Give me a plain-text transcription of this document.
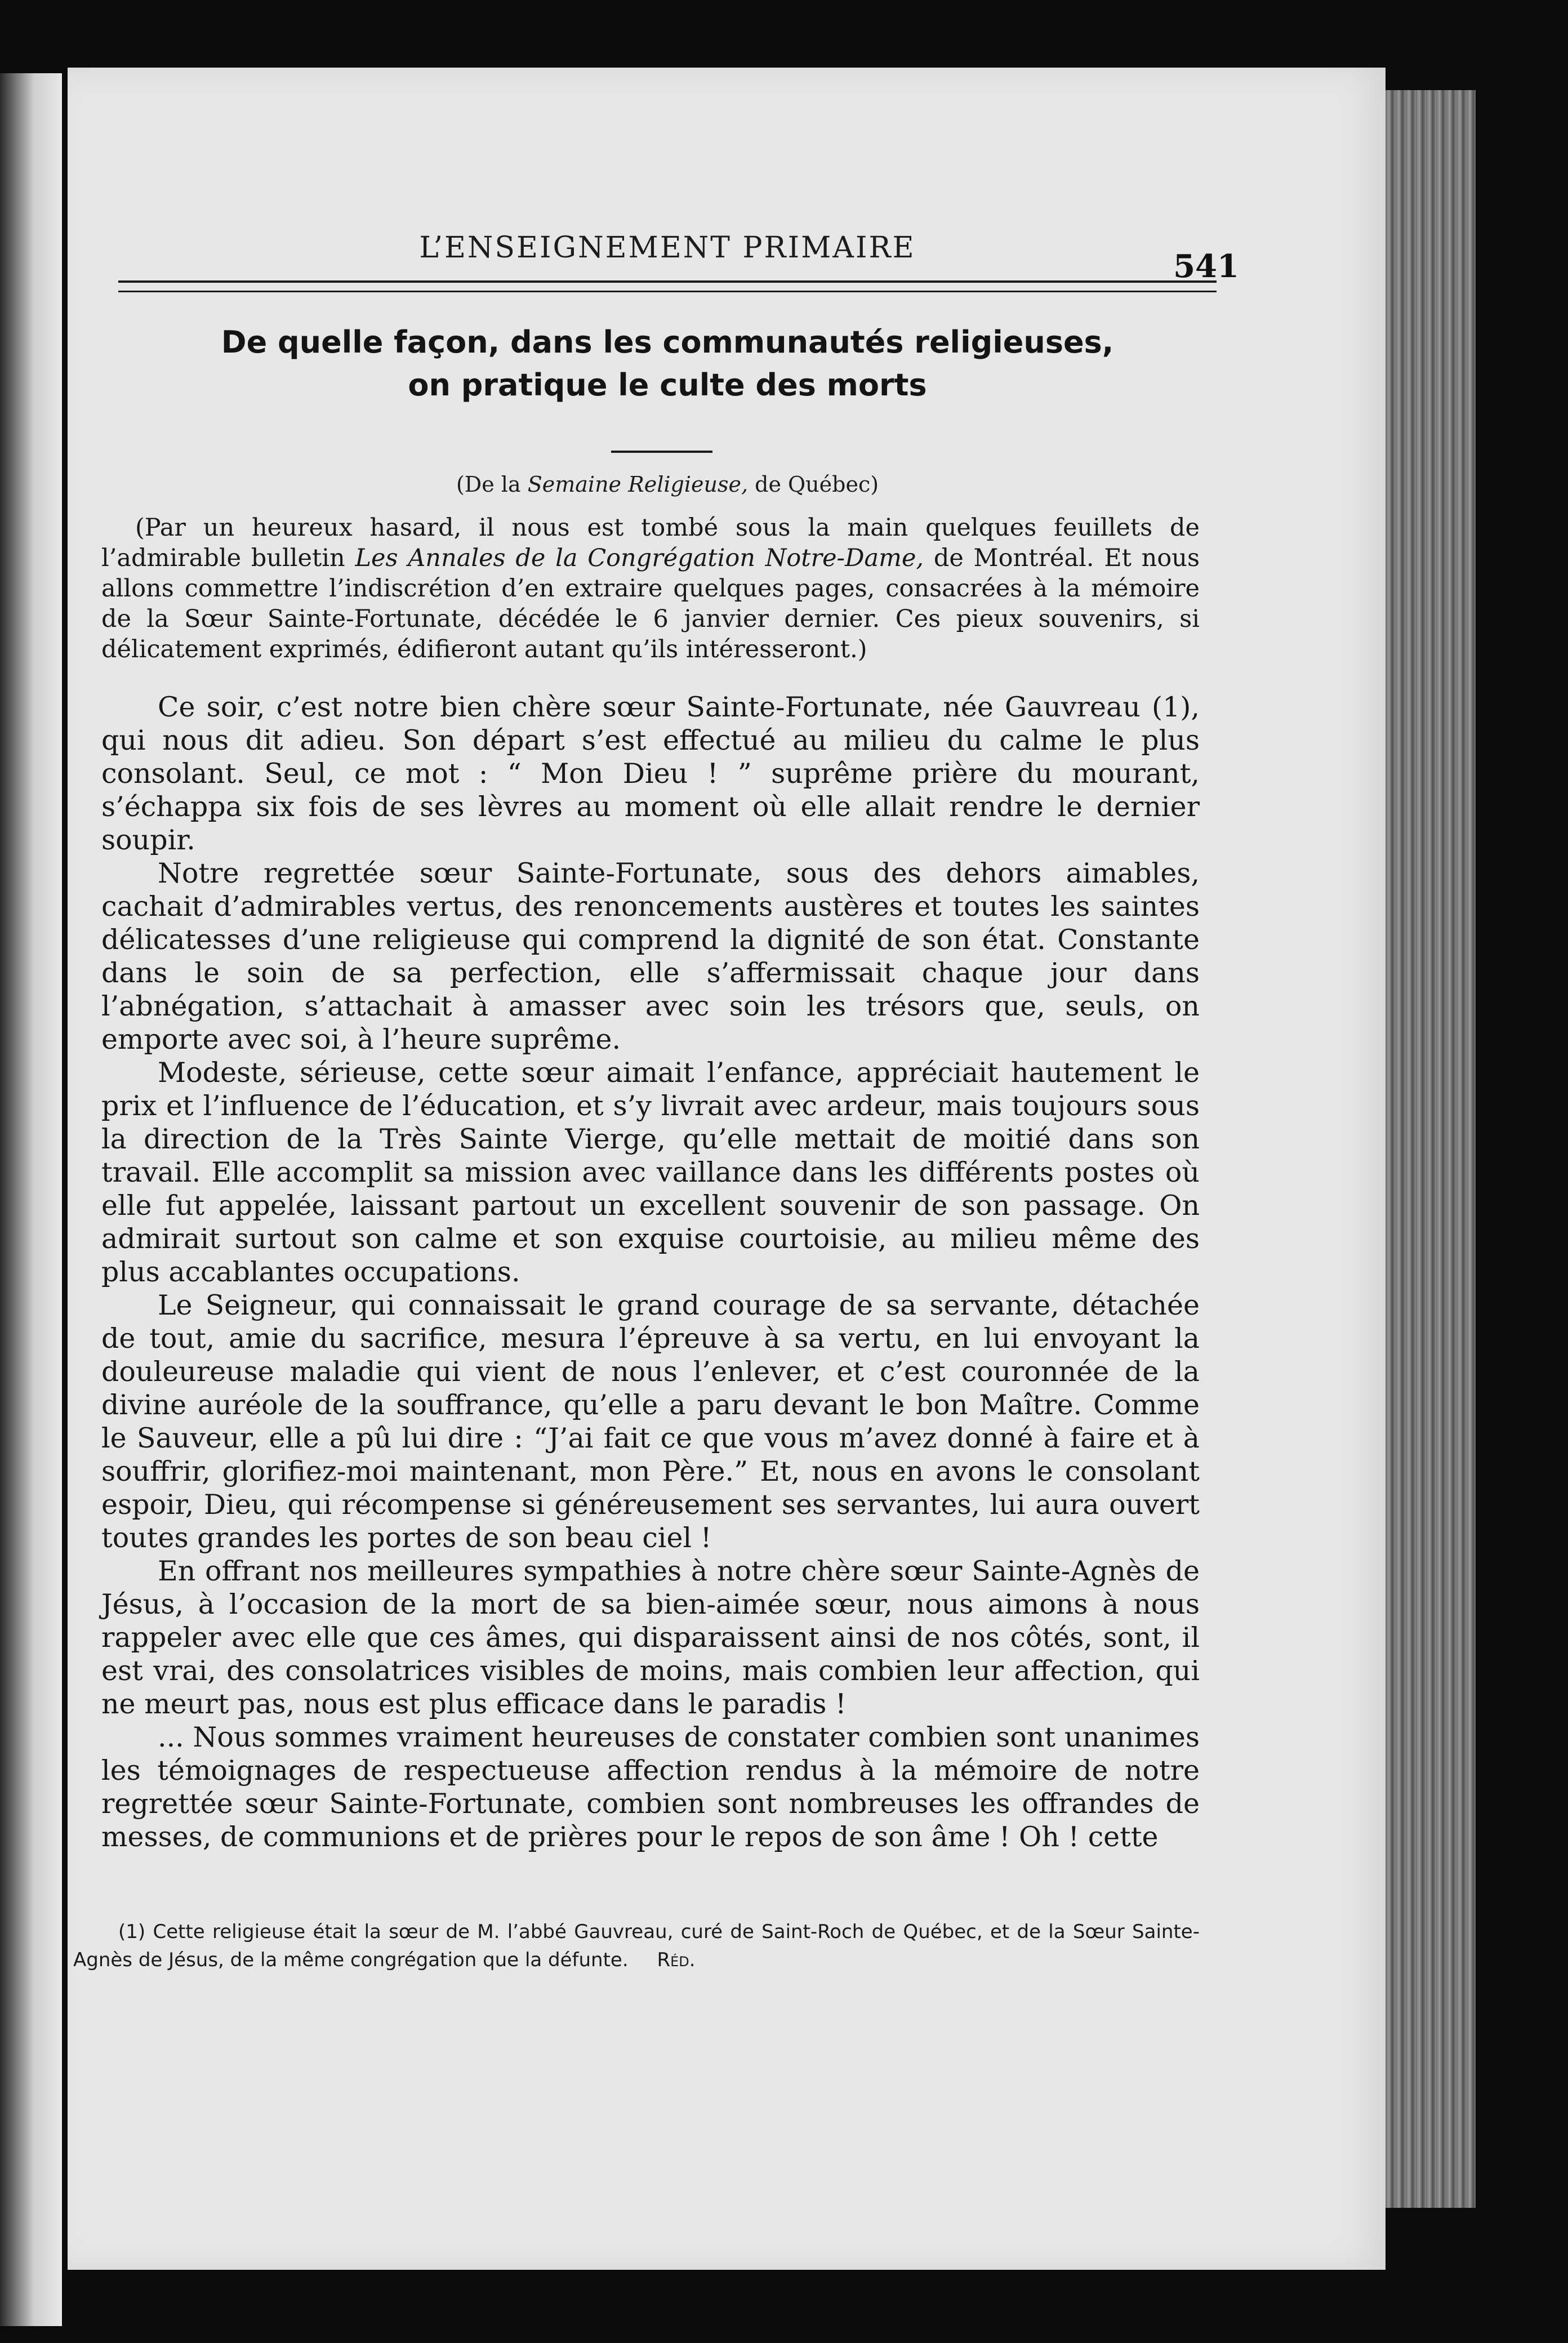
L’ENSEIGNEMENT PRIMAIRE	541
De quelle façon, dans les communautés religieuses,
on pratique le culte des morts
(De la Semaine Religieuse, de Québec)

(Par un heureux hasard, il nous est tombé sous la main quelques feuillets de l’admirable bulletin Les Annales de la Congrégation Notre-Dame, de Montréal. Et nous allons commettre l’indiscrétion d’en extraire quelques pages, consacrées à la mémoire de la Sœur Sainte-Fortunate, décédée le 6 janvier dernier. Ces pieux souvenirs, si délicatement exprimés, édifieront autant qu’ils intéresseront.)

Ce soir, c’est notre bien chère sœur Sainte-Fortunate, née Gauvreau (1), qui nous dit adieu. Son départ s’est effectué au milieu du calme le plus consolant. Seul, ce mot : “ Mon Dieu ! ” suprême prière du mourant, s’échappa six fois de ses lèvres au moment où elle allait rendre le dernier soupir.

Notre regrettée sœur Sainte-Fortunate, sous des dehors aimables, cachait d’admirables vertus, des renoncements austères et toutes les saintes délicatesses d’une religieuse qui comprend la dignité de son état. Constante dans le soin de sa perfection, elle s’affermissait chaque jour dans l’abnégation, s’attachait à amasser avec soin les trésors que, seuls, on emporte avec soi, à l’heure suprême.

Modeste, sérieuse, cette sœur aimait l’enfance, appréciait hautement le prix et l’influence de l’éducation, et s’y livrait avec ardeur, mais toujours sous la direction de la Très Sainte Vierge, qu’elle mettait de moitié dans son travail. Elle accomplit sa mission avec vaillance dans les différents postes où elle fut appelée, laissant partout un excellent souvenir de son passage. On admirait surtout son calme et son exquise courtoisie, au milieu même des plus accablantes occupations.

Le Seigneur, qui connaissait le grand courage de sa servante, détachée de tout, amie du sacrifice, mesura l’épreuve à sa vertu, en lui envoyant la douleureuse maladie qui vient de nous l’enlever, et c’est couronnée de la divine auréole de la souffrance, qu’elle a paru devant le bon Maître. Comme le Sauveur, elle a pû lui dire : “J’ai fait ce que vous m’avez donné à faire et à souffrir, glorifiez-moi maintenant, mon Père.” Et, nous en avons le consolant espoir, Dieu, qui récompense si généreusement ses servantes, lui aura ouvert toutes grandes les portes de son beau ciel !

En offrant nos meilleures sympathies à notre chère sœur Sainte-Agnès de Jésus, à l’occasion de la mort de sa bien-aimée sœur, nous aimons à nous rappeler avec elle que ces âmes, qui disparaissent ainsi de nos côtés, sont, il est vrai, des consolatrices visibles de moins, mais combien leur affection, qui ne meurt pas, nous est plus efficace dans le paradis !

... Nous sommes vraiment heureuses de constater combien sont unanimes les témoignages de respectueuse affection rendus à la mémoire de notre regrettée sœur Sainte-Fortunate, combien sont nombreuses les offrandes de messes, de communions et de prières pour le repos de son âme ! Oh ! cette

(1) Cette religieuse était la sœur de M. l’abbé Gauvreau, curé de Saint-Roch de Québec, et de la Sœur Sainte-Agnès de Jésus, de la même congrégation que la défunte. Réd.
